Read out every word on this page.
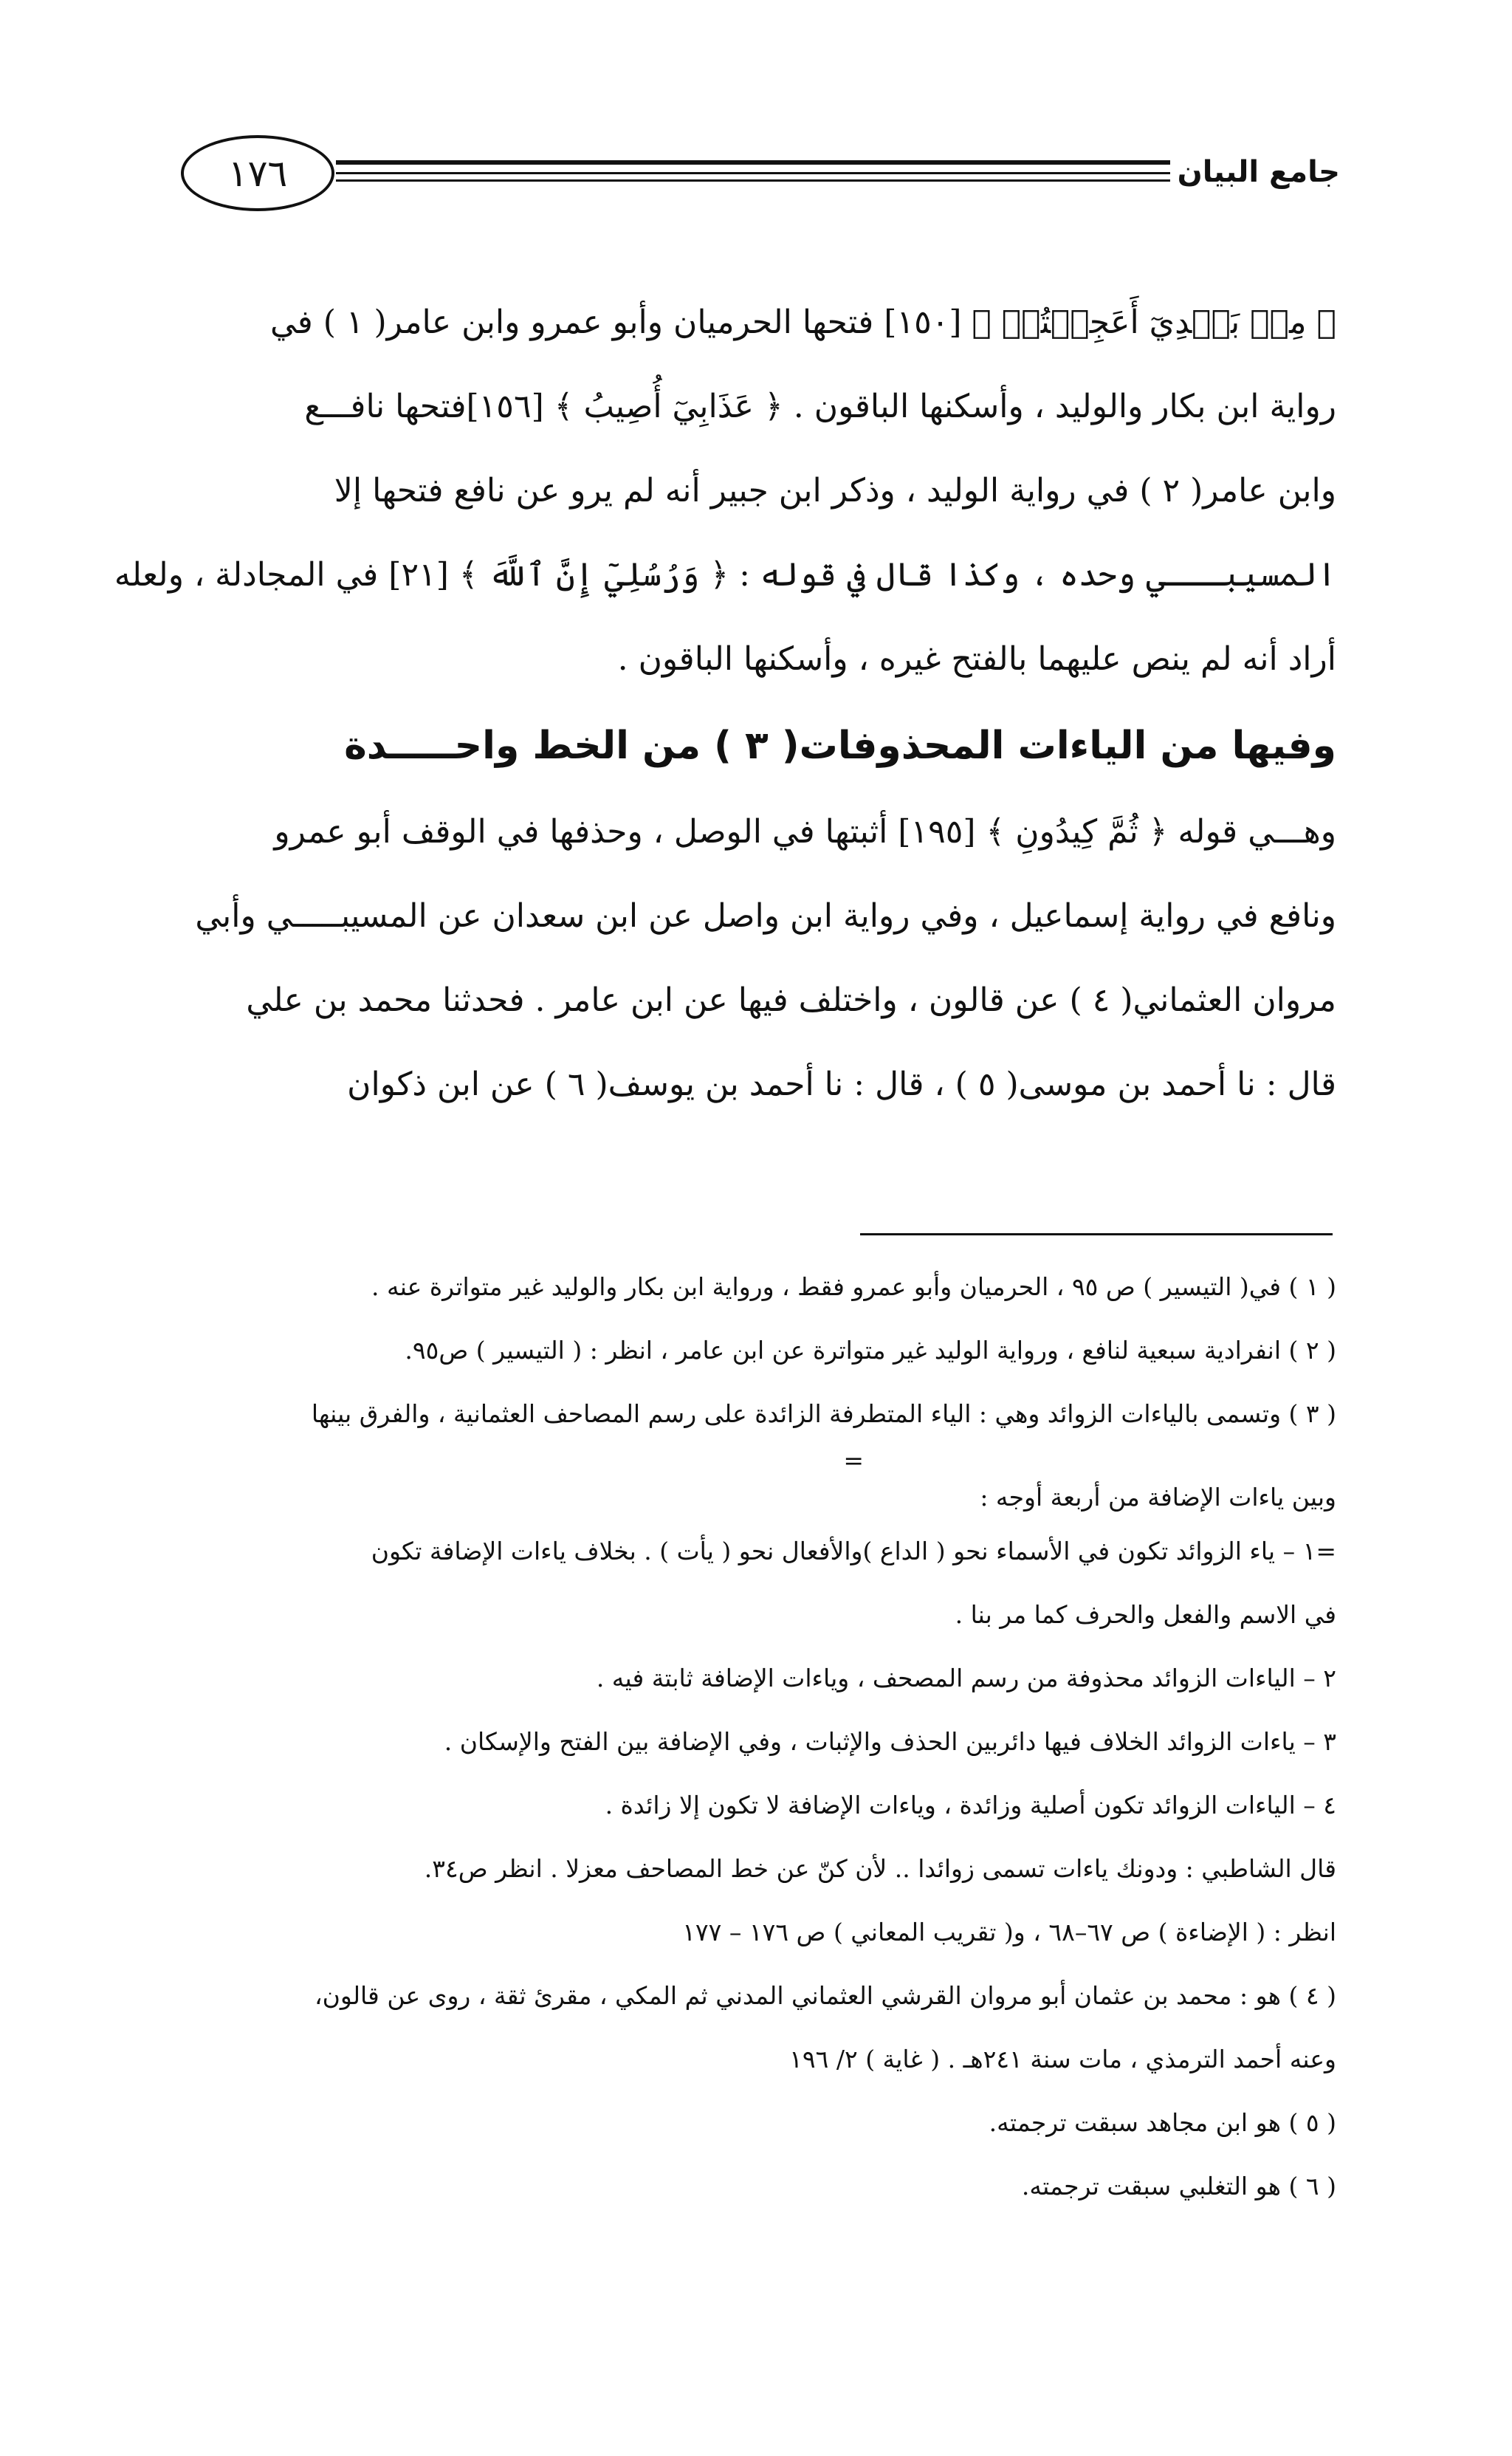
جامع البيان
١٧٦
﴿ مِنۢ بَعۡدِيٓ أَعَجِلۡتُمۡ ﴾ [١٥٠] فتحها الحرميان وأبو عمرو وابن عامر( ١ ) في
رواية ابن بكار والوليد ، وأسكنها الباقون . ﴿ عَذَابِيٓ أُصِيبُ ﴾ [١٥٦]فتحها نافـــع
وابن عامر( ٢ ) في رواية الوليد ، وذكر ابن جبير أنه لم يرو عن نافع فتحها إلا
المسيبـــي وحده ، وكذا قال في قوله : ﴿ وَرُسُلِيٓ إِنَّ ٱللَّهَ ﴾ [٢١] في المجادلة ، ولعله
أراد أنه لم ينص عليهما بالفتح غيره ، وأسكنها الباقون .
وفيها من الياءات المحذوفات( ٣ ) من الخط واحـــــدة
وهـــي قوله ﴿ ثُمَّ كِيدُونِ ﴾ [١٩٥] أثبتها في الوصل ، وحذفها في الوقف أبو عمرو
ونافع في رواية إسماعيل ، وفي رواية ابن واصل عن ابن سعدان عن المسيبـــــي وأبي
مروان العثماني( ٤ ) عن قالون ، واختلف فيها عن ابن عامر . فحدثنا محمد بن علي
قال : نا أحمد بن موسى( ٥ ) ، قال : نا أحمد بن يوسف( ٦ ) عن ابن ذكوان
( ١ ) في( التيسير ) ص ٩٥ ، الحرميان وأبو عمرو فقط ، ورواية ابن بكار والوليد غير متواترة عنه .
( ٢ ) انفرادية سبعية لنافع ، ورواية الوليد غير متواترة عن ابن عامر ، انظر : ( التيسير ) ص٩٥.
( ٣ ) وتسمى بالياءات الزوائد وهي : الياء المتطرفة الزائدة على رسم المصاحف العثمانية ، والفرق بينها
=
وبين ياءات الإضافة من أربعة أوجه :
=١ – ياء الزوائد تكون في الأسماء نحو ( الداع )والأفعال نحو ( يأت ) . بخلاف ياءات الإضافة تكون
في الاسم والفعل والحرف كما مر بنا .
٢ – الياءات الزوائد محذوفة من رسم المصحف ، وياءات الإضافة ثابتة فيه .
٣ – ياءات الزوائد الخلاف فيها دائربين الحذف والإثبات ، وفي الإضافة بين الفتح والإسكان .
٤ – الياءات الزوائد تكون أصلية وزائدة ، وياءات الإضافة لا تكون إلا زائدة .
قال الشاطبي : ودونك ياءات تسمى زوائدا .. لأن كنّ عن خط المصاحف معزلا . انظر ص٣٤.
انظر : ( الإضاءة ) ص ٦٧–٦٨ ، و( تقريب المعاني ) ص ١٧٦ – ١٧٧
( ٤ ) هو : محمد بن عثمان أبو مروان القرشي العثماني المدني ثم المكي ، مقرئ ثقة ، روى عن قالون،
وعنه أحمد الترمذي ، مات سنة ٢٤١هـ . ( غاية ) ٢/ ١٩٦
( ٥ ) هو ابن مجاهد سبقت ترجمته.
( ٦ ) هو التغلبي سبقت ترجمته.
